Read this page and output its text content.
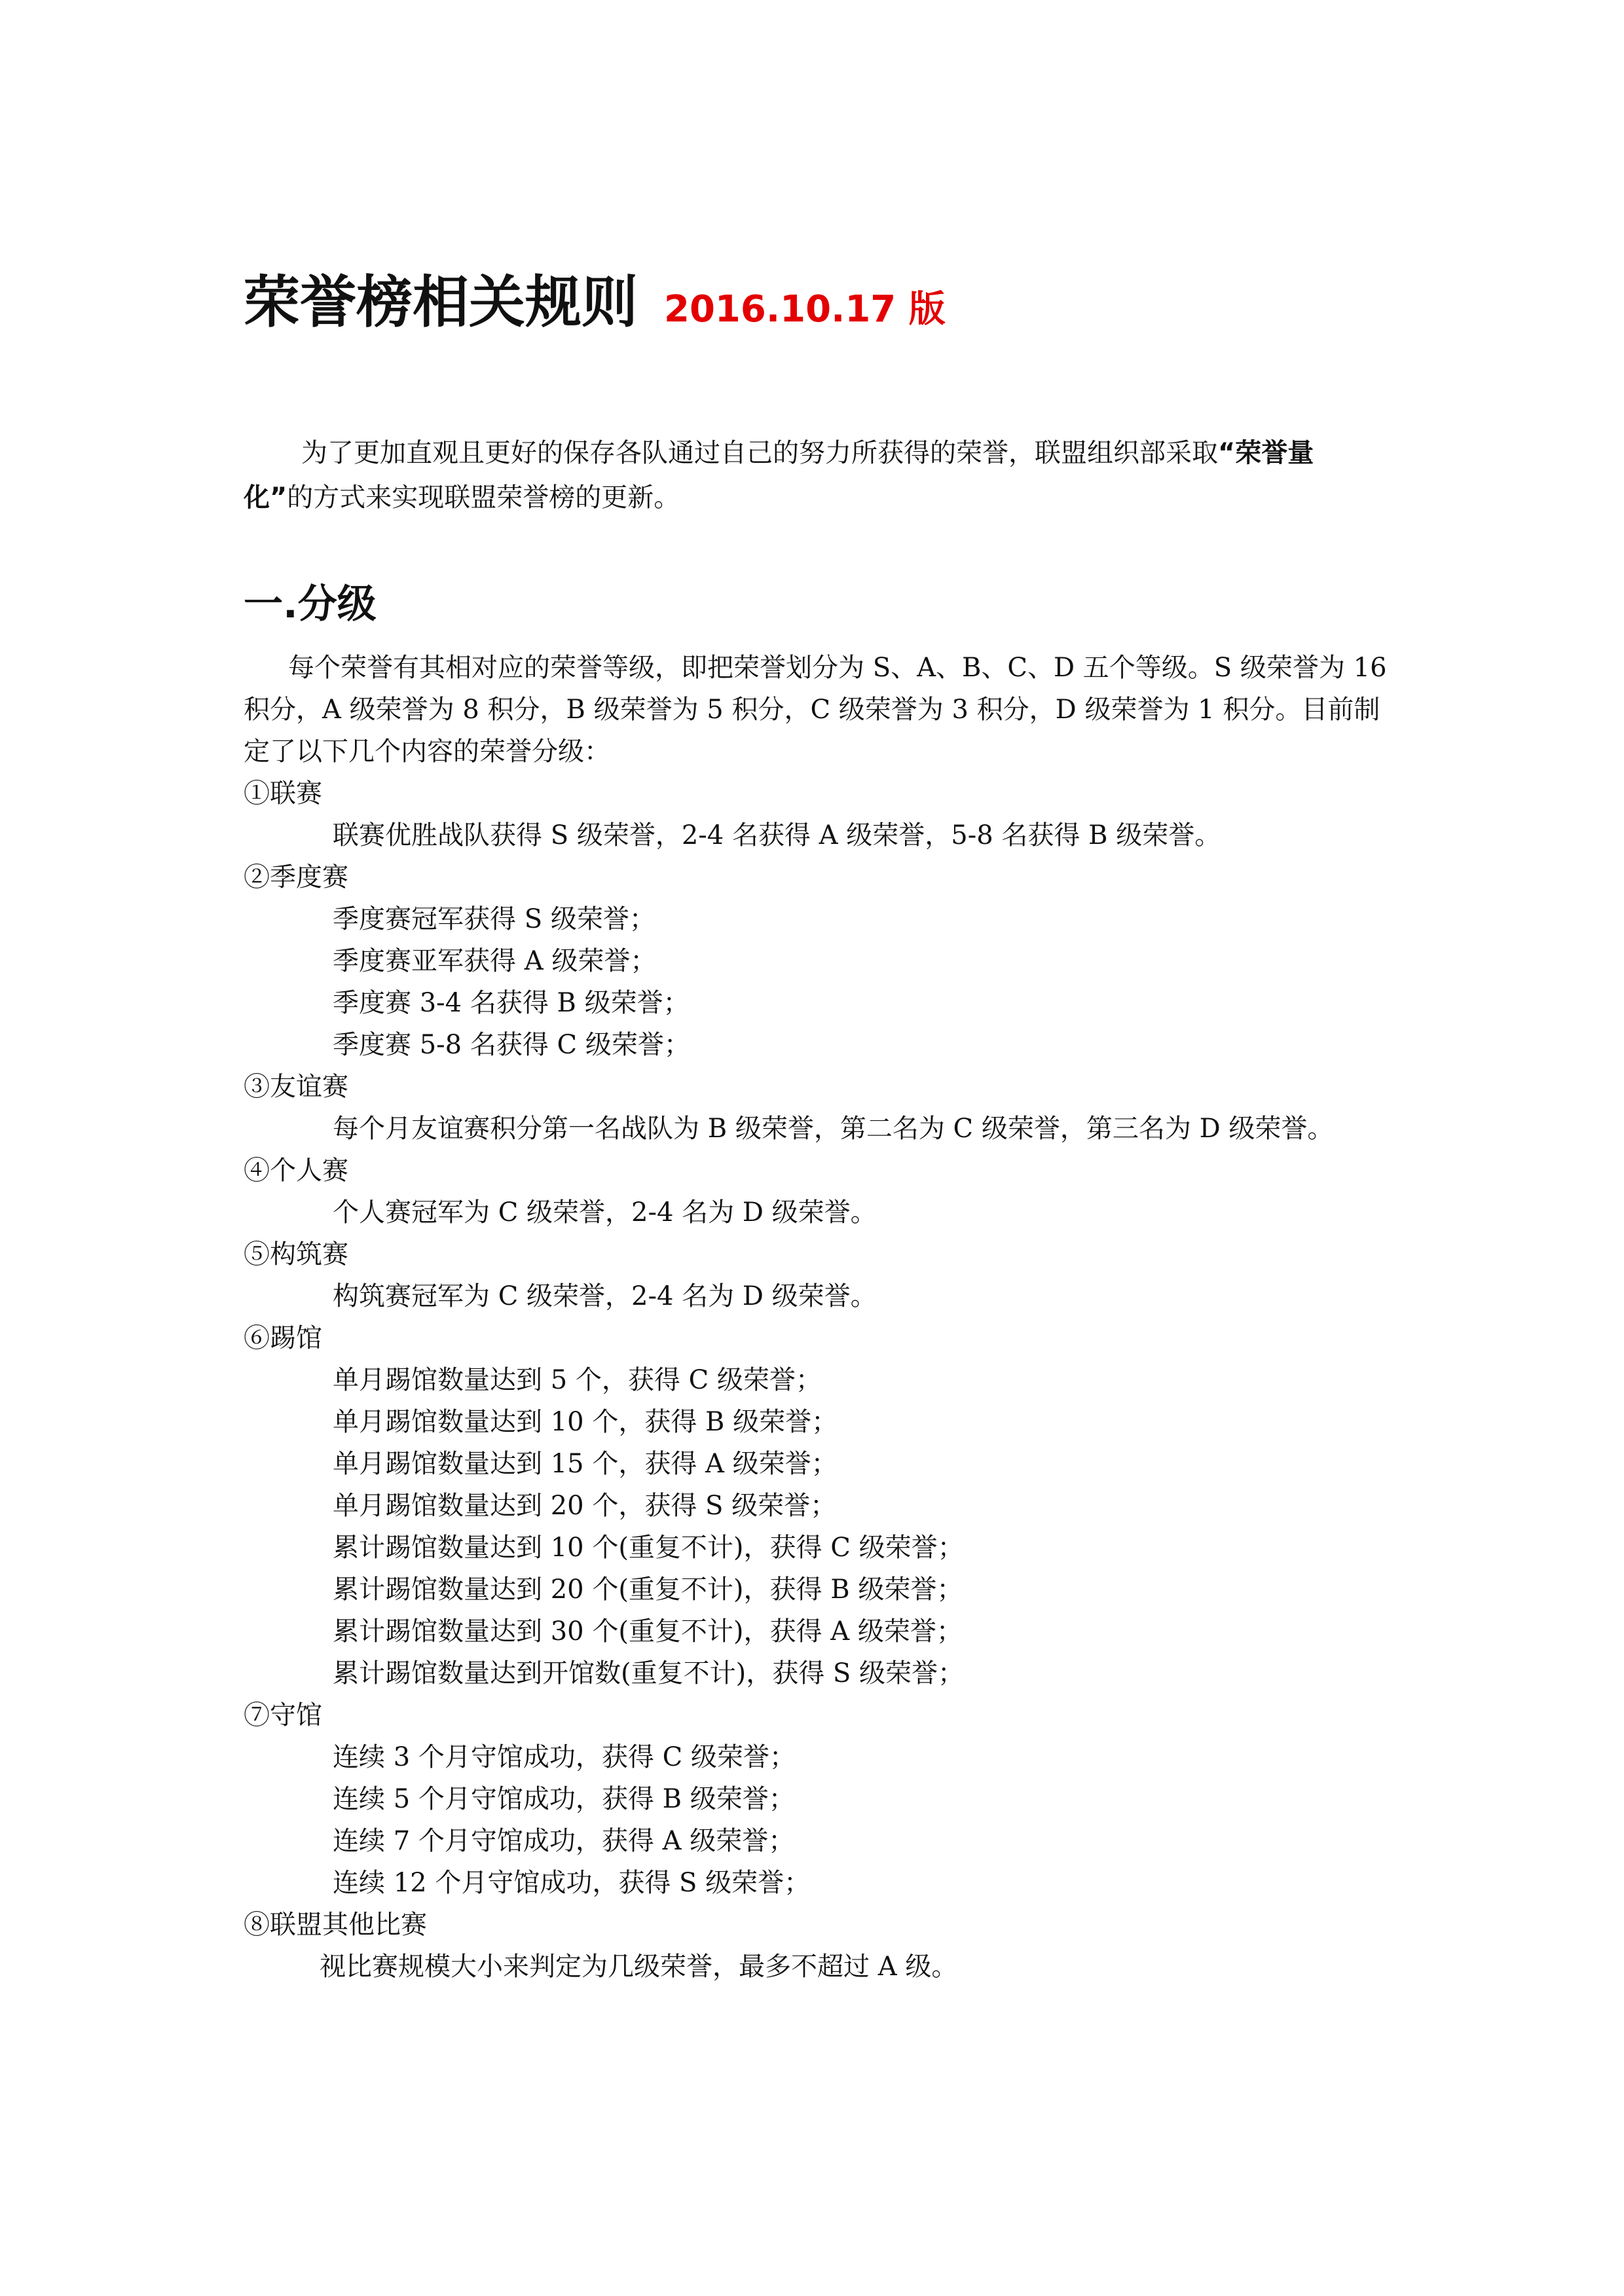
荣誉榜相关规则 2016.10.17 版

为了更加直观且更好的保存各队通过自己的努力所获得的荣誉，联盟组织部采取“荣誉量化”的方式来实现联盟荣誉榜的更新。

一.分级

每个荣誉有其相对应的荣誉等级，即把荣誉划分为 S、A、B、C、D 五个等级。S 级荣誉为 16 积分，A 级荣誉为 8 积分，B 级荣誉为 5 积分，C 级荣誉为 3 积分，D 级荣誉为 1 积分。目前制定了以下几个内容的荣誉分级：

①联赛

联赛优胜战队获得 S 级荣誉，2-4 名获得 A 级荣誉，5-8 名获得 B 级荣誉。

②季度赛

季度赛冠军获得 S 级荣誉；

季度赛亚军获得 A 级荣誉；

季度赛 3-4 名获得 B 级荣誉；

季度赛 5-8 名获得 C 级荣誉；

③友谊赛

每个月友谊赛积分第一名战队为 B 级荣誉，第二名为 C 级荣誉，第三名为 D 级荣誉。

④个人赛

个人赛冠军为 C 级荣誉，2-4 名为 D 级荣誉。

⑤构筑赛

构筑赛冠军为 C 级荣誉，2-4 名为 D 级荣誉。

⑥踢馆

单月踢馆数量达到 5 个，获得 C 级荣誉；

单月踢馆数量达到 10 个，获得 B 级荣誉；

单月踢馆数量达到 15 个，获得 A 级荣誉；

单月踢馆数量达到 20 个，获得 S 级荣誉；

累计踢馆数量达到 10 个(重复不计)，获得 C 级荣誉；

累计踢馆数量达到 20 个(重复不计)，获得 B 级荣誉；

累计踢馆数量达到 30 个(重复不计)，获得 A 级荣誉；

累计踢馆数量达到开馆数(重复不计)，获得 S 级荣誉；

⑦守馆

连续 3 个月守馆成功，获得 C 级荣誉；

连续 5 个月守馆成功，获得 B 级荣誉；

连续 7 个月守馆成功，获得 A 级荣誉；

连续 12 个月守馆成功，获得 S 级荣誉；

⑧联盟其他比赛

视比赛规模大小来判定为几级荣誉，最多不超过 A 级。
